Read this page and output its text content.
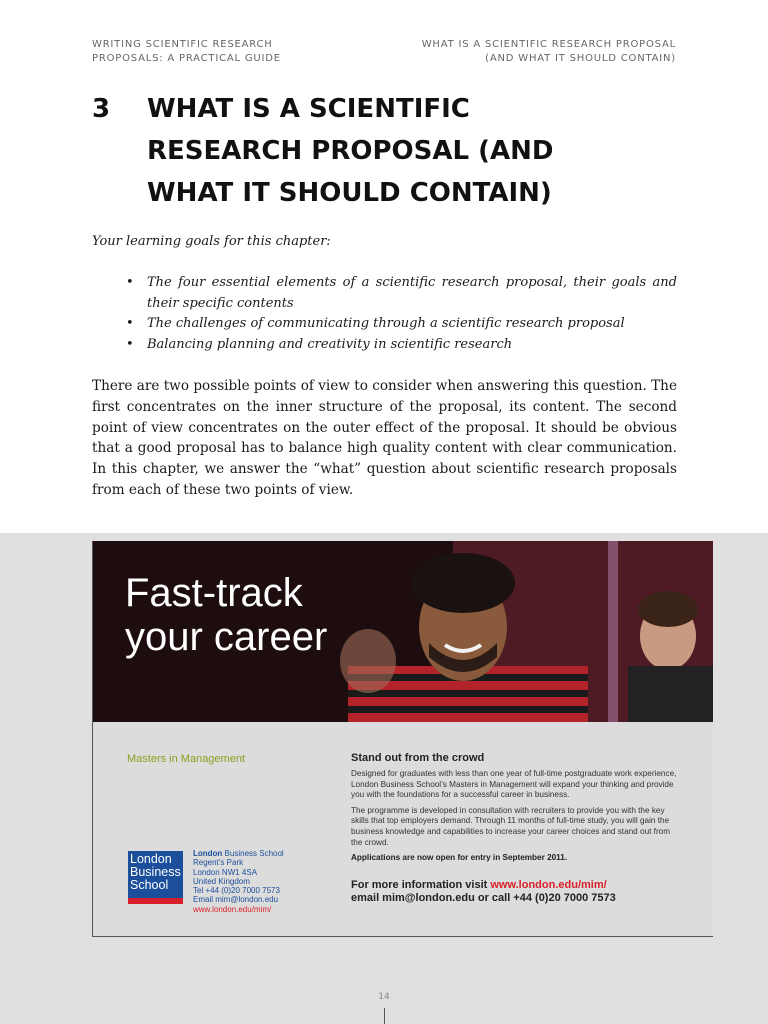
WRITING SCIENTIFIC RESEARCH
PROPOSALS: A PRACTICAL GUIDE
WHAT IS A SCIENTIFIC RESEARCH PROPOSAL
(AND WHAT IT SHOULD CONTAIN)
3 WHAT IS A SCIENTIFIC
RESEARCH PROPOSAL (AND
WHAT IT SHOULD CONTAIN)

Your learning goals for this chapter:

• The four essential elements of a scientific research proposal, their goals and their specific contents
• The challenges of communicating through a scientific research proposal
• Balancing planning and creativity in scientific research

There are two possible points of view to consider when answering this question. The first concentrates on the inner structure of the proposal, its content. The second point of view concentrates on the outer effect of the proposal. It should be obvious that a good proposal has to balance high quality content with clear communication. In this chapter, we answer the “what” question about scientific research proposals from each of these two points of view.

Fast-track
your career
Masters in Management	Stand out from the crowd

Designed for graduates with less than one year of full-time postgraduate work experience, London Business School’s Masters in Management will expand your thinking and provide you with the foundations for a successful career in business.

The programme is developed in consultation with recruiters to provide you with the key skills that top employers demand. Through 11 months of full-time study, you will gain the business knowledge and capabilities to increase your career choices and stand out from the crowd.

Applications are now open for entry in September 2011.

For more information visit www.london.edu/mim/
email mim@london.edu or call +44 (0)20 7000 7573
London
Business
School
London Business School
Regent’s Park
London NW1 4SA
United Kingdom
Tel +44 (0)20 7000 7573
Email mim@london.edu
www.london.edu/mim/
14
